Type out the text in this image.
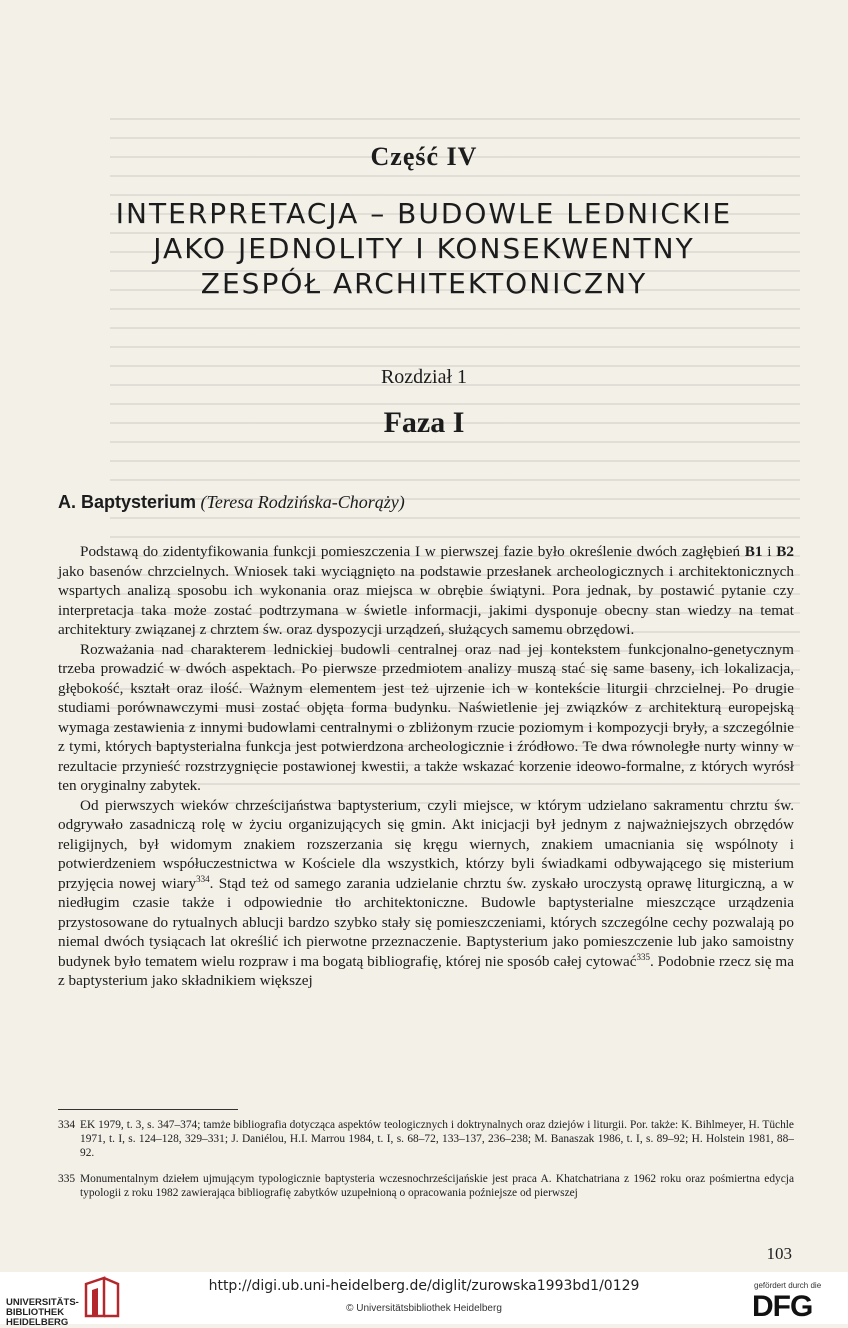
Część IV
INTERPRETACJA – BUDOWLE LEDNICKIE
JAKO JEDNOLITY I KONSEKWENTNY
ZESPÓŁ ARCHITEKTONICZNY
Rozdział 1
Faza I
A. Baptysterium (Teresa Rodzińska-Chorąży)

Podstawą do zidentyfikowania funkcji pomieszczenia I w pierwszej fazie było określenie dwóch zagłębień B1 i B2 jako basenów chrzcielnych. Wniosek taki wyciągnięto na podstawie przesłanek archeologicznych i architektonicznych wspartych analizą sposobu ich wykonania oraz miejsca w obrębie świątyni. Pora jednak, by postawić pytanie czy interpretacja taka może zostać podtrzymana w świetle informacji, jakimi dysponuje obecny stan wiedzy na temat architektury związanej z chrztem św. oraz dyspozycji urządzeń, służących samemu obrzędowi.

Rozważania nad charakterem lednickiej budowli centralnej oraz nad jej kontekstem funkcjonalno-genetycznym trzeba prowadzić w dwóch aspektach. Po pierwsze przedmiotem analizy muszą stać się same baseny, ich lokalizacja, głębokość, kształt oraz ilość. Ważnym elementem jest też ujrzenie ich w kontekście liturgii chrzcielnej. Po drugie studiami porównawczymi musi zostać objęta forma budynku. Naświetlenie jej związków z architekturą europejską wymaga zestawienia z innymi budowlami centralnymi o zbliżonym rzucie poziomym i kompozycji bryły, a szczególnie z tymi, których baptysterialna funkcja jest potwierdzona archeologicznie i źródłowo. Te dwa równoległe nurty winny w rezultacie przynieść rozstrzygnięcie postawionej kwestii, a także wskazać korzenie ideowo-formalne, z których wyrósł ten oryginalny zabytek.

Od pierwszych wieków chrześcijaństwa baptysterium, czyli miejsce, w którym udzielano sakramentu chrztu św. odgrywało zasadniczą rolę w życiu organizujących się gmin. Akt inicjacji był jednym z najważniejszych obrzędów religijnych, był widomym znakiem rozszerzania się kręgu wiernych, znakiem umacniania się wspólnoty i potwierdzeniem współuczestnictwa w Kościele dla wszystkich, którzy byli świadkami odbywającego się misterium przyjęcia nowej wiary$^{334}$. Stąd też od samego zarania udzielanie chrztu św. zyskało uroczystą oprawę liturgiczną, a w niedługim czasie także i odpowiednie tło architektoniczne. Budowle baptysterialne mieszczące urządzenia przystosowane do rytualnych ablucji bardzo szybko stały się pomieszczeniami, których szczególne cechy pozwalają po niemal dwóch tysiącach lat określić ich pierwotne przeznaczenie. Baptysterium jako pomieszczenie lub jako samoistny budynek było tematem wielu rozpraw i ma bogatą bibliografię, której nie sposób całej cytować$^{335}$. Podobnie rzecz się ma z baptysterium jako składnikiem większej

334 EK 1979, t. 3, s. 347–374; tamże bibliografia dotycząca aspektów teologicznych i doktrynalnych oraz dziejów i liturgii. Por. także: K. Bihlmeyer, H. Tüchle 1971, t. I, s. 124–128, 329–331; J. Daniélou, H.I. Marrou 1984, t. I, s. 68–72, 133–137, 236–238; M. Banaszak 1986, t. I, s. 89–92; H. Holstein 1981, 88–92.
335 Monumentalnym dziełem ujmującym typologicznie baptysteria wczesnochrześcijańskie jest praca A. Khatchatriana z 1962 roku oraz pośmiertna edycja typologii z roku 1982 zawierająca bibliografię zabytków uzupełnioną o opracowania poźniejsze od pierwszej
103
UNIVERSITÄTS-
BIBLIOTHEK
HEIDELBERG
http://digi.ub.uni-heidelberg.de/diglit/zurowska1993bd1/0129
© Universitätsbibliothek Heidelberg
gefördert durch die
DFG
